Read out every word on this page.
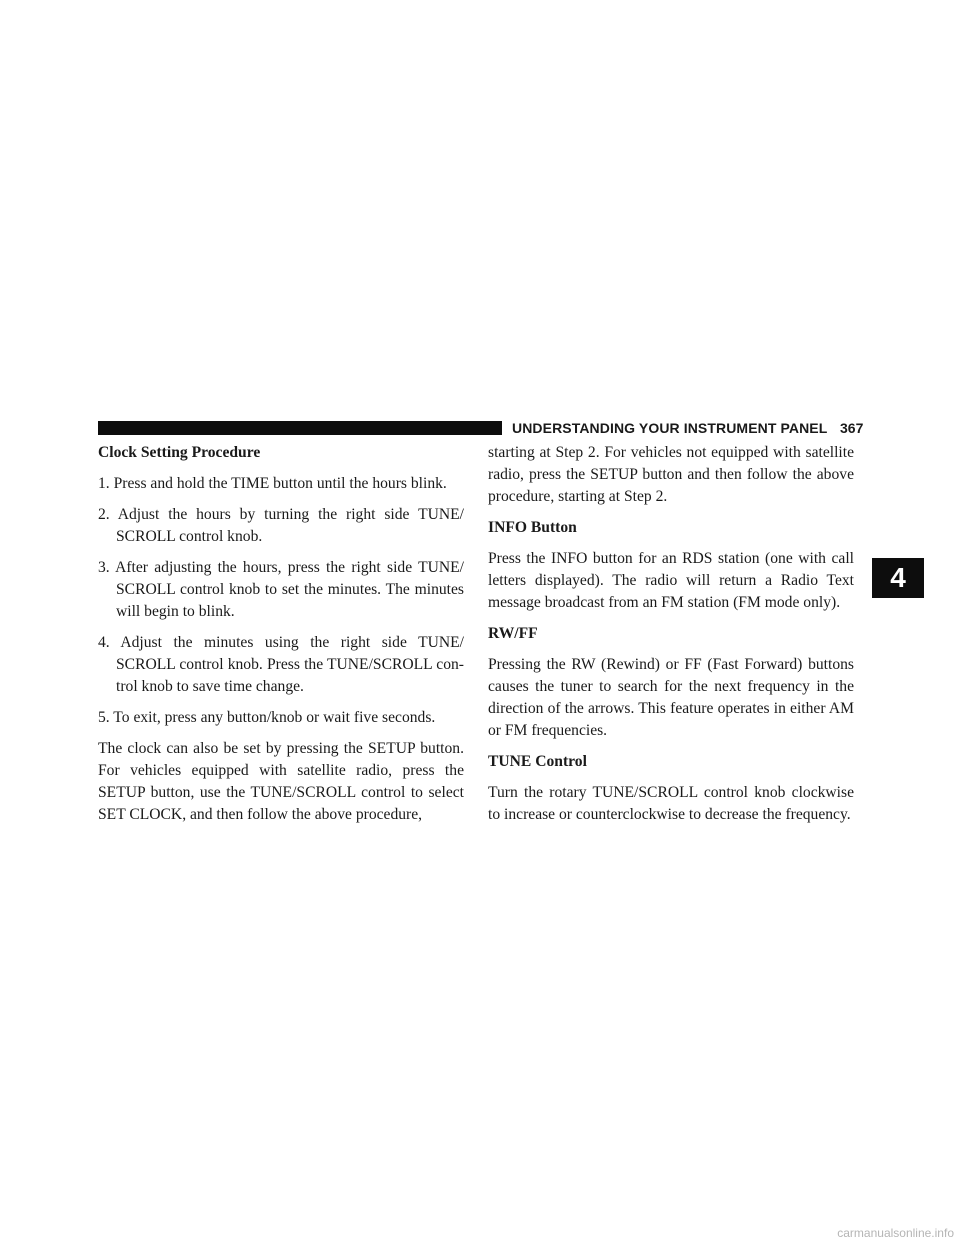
UNDERSTANDING YOUR INSTRUMENT PANEL 367
4
Clock Setting Procedure

1. Press and hold the TIME button until the hours blink.

2. Adjust the hours by turning the right side TUNE/ SCROLL control knob.

3. After adjusting the hours, press the right side TUNE/ SCROLL control knob to set the minutes. The minutes will begin to blink.

4. Adjust the minutes using the right side TUNE/ SCROLL control knob. Press the TUNE/SCROLL con- trol knob to save time change.

5. To exit, press any button/knob or wait five seconds.

The clock can also be set by pressing the SETUP button. For vehicles equipped with satellite radio, press the SETUP button, use the TUNE/SCROLL control to select SET CLOCK, and then follow the above procedure,

starting at Step 2. For vehicles not equipped with satellite radio, press the SETUP button and then follow the above procedure, starting at Step 2.

INFO Button

Press the INFO button for an RDS station (one with call letters displayed). The radio will return a Radio Text message broadcast from an FM station (FM mode only).

RW/FF

Pressing the RW (Rewind) or FF (Fast Forward) buttons causes the tuner to search for the next frequency in the direction of the arrows. This feature operates in either AM or FM frequencies.

TUNE Control

Turn the rotary TUNE/SCROLL control knob clockwise to increase or counterclockwise to decrease the frequency.

carmanualsonline.info
